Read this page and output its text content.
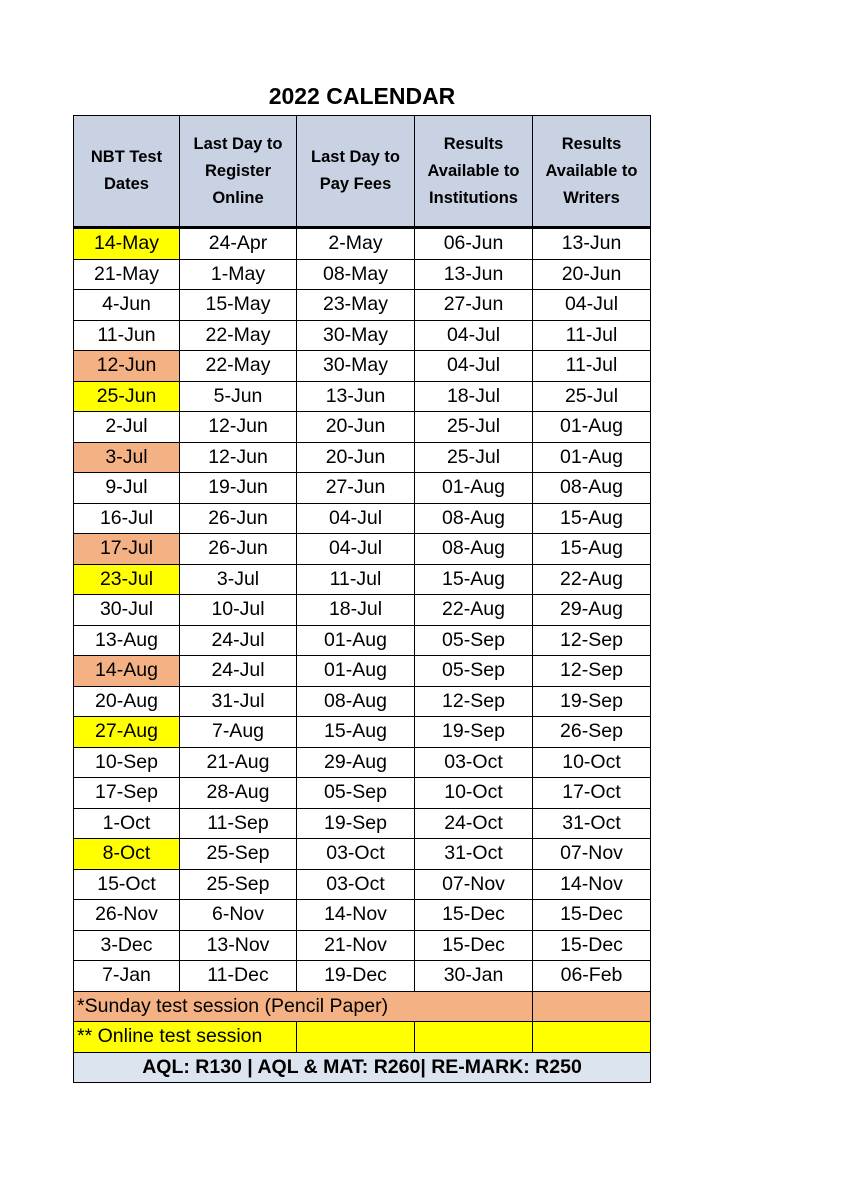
2022 CALENDAR
NBT Test Dates	Last Day to Register Online	Last Day to Pay Fees	Results Available to Institutions	Results Available to Writers
14-May	24-Apr	2-May	06-Jun	13-Jun
21-May	1-May	08-May	13-Jun	20-Jun
4-Jun	15-May	23-May	27-Jun	04-Jul
11-Jun	22-May	30-May	04-Jul	11-Jul
12-Jun	22-May	30-May	04-Jul	11-Jul
25-Jun	5-Jun	13-Jun	18-Jul	25-Jul
2-Jul	12-Jun	20-Jun	25-Jul	01-Aug
3-Jul	12-Jun	20-Jun	25-Jul	01-Aug
9-Jul	19-Jun	27-Jun	01-Aug	08-Aug
16-Jul	26-Jun	04-Jul	08-Aug	15-Aug
17-Jul	26-Jun	04-Jul	08-Aug	15-Aug
23-Jul	3-Jul	11-Jul	15-Aug	22-Aug
30-Jul	10-Jul	18-Jul	22-Aug	29-Aug
13-Aug	24-Jul	01-Aug	05-Sep	12-Sep
14-Aug	24-Jul	01-Aug	05-Sep	12-Sep
20-Aug	31-Jul	08-Aug	12-Sep	19-Sep
27-Aug	7-Aug	15-Aug	19-Sep	26-Sep
10-Sep	21-Aug	29-Aug	03-Oct	10-Oct
17-Sep	28-Aug	05-Sep	10-Oct	17-Oct
1-Oct	11-Sep	19-Sep	24-Oct	31-Oct
8-Oct	25-Sep	03-Oct	31-Oct	07-Nov
15-Oct	25-Sep	03-Oct	07-Nov	14-Nov
26-Nov	6-Nov	14-Nov	15-Dec	15-Dec
3-Dec	13-Nov	21-Nov	15-Dec	15-Dec
7-Jan	11-Dec	19-Dec	30-Jan	06-Feb
*Sunday test session (Pencil Paper)				
** Online test session				
AQL: R130 | AQL & MAT: R260| RE-MARK: R250				
